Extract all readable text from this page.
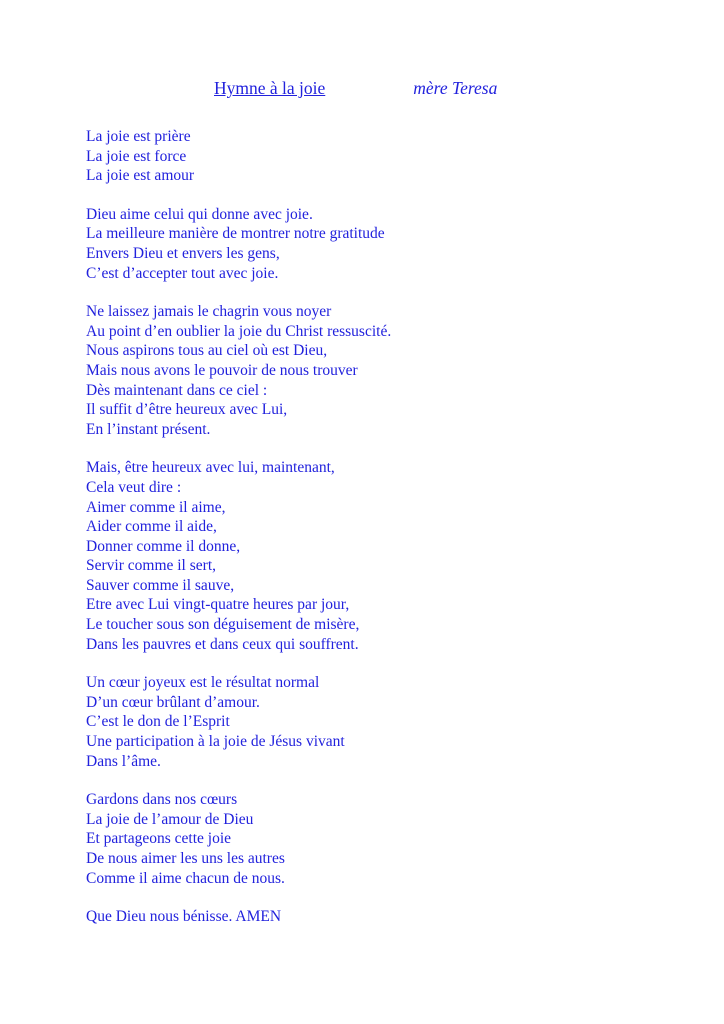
Hymne à la joie	mère Teresa
La joie est prière
La joie est force
La joie est amour
Dieu aime celui qui donne avec joie.
La meilleure manière de montrer notre gratitude
Envers Dieu et envers les gens,
C’est d’accepter tout avec joie.
Ne laissez jamais le chagrin vous noyer
Au point d’en oublier la joie du Christ ressuscité.
Nous aspirons tous au ciel où est Dieu,
Mais nous avons le pouvoir de nous trouver
Dès maintenant dans ce ciel :
Il suffit d’être heureux avec Lui,
En l’instant présent.
Mais, être heureux avec lui, maintenant,
Cela veut dire :
Aimer comme il aime,
Aider comme il aide,
Donner comme il donne,
Servir comme il sert,
Sauver comme il sauve,
Etre avec Lui vingt-quatre heures par jour,
Le toucher sous son déguisement de misère,
Dans les pauvres et dans ceux qui souffrent.
Un cœur joyeux est le résultat normal
D’un cœur brûlant d’amour.
C’est le don de l’Esprit
Une participation à la joie de Jésus vivant
Dans l’âme.
Gardons dans nos cœurs
La joie de l’amour de Dieu
Et partageons cette joie
De nous aimer les uns les autres
Comme il aime chacun de nous.
Que Dieu nous bénisse. AMEN
